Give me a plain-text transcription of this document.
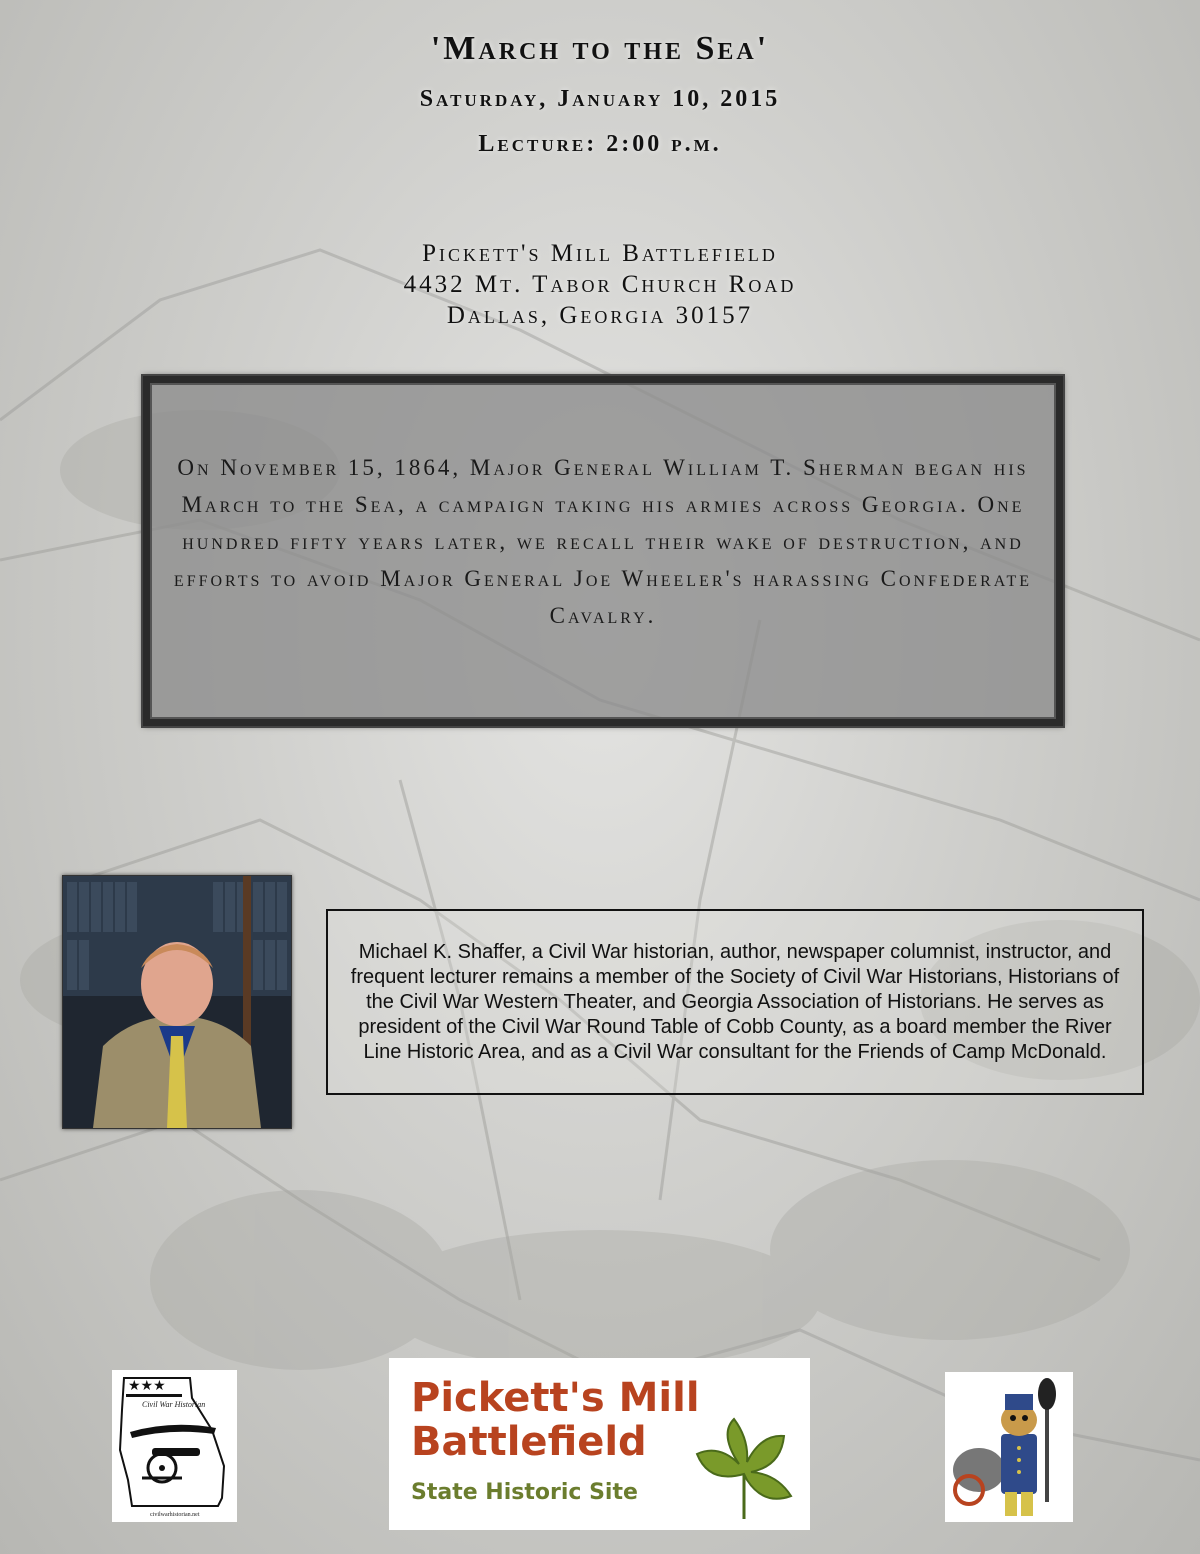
'March to the Sea'
Saturday, January 10, 2015
Lecture: 2:00 p.m.
Pickett's Mill Battlefield
4432 Mt. Tabor Church Road
Dallas, Georgia 30157
On November 15, 1864, Major General William T. Sherman began his March to the Sea, a campaign taking his armies across Georgia. One hundred fifty years later, we recall their wake of destruction, and efforts to avoid Major General Joe Wheeler's harassing Confederate Cavalry.
Michael K. Shaffer, a Civil War historian, author, newspaper columnist, instructor, and frequent lecturer remains a member of the Society of Civil War Historians, Historians of the Civil War Western Theater, and Georgia Association of Historians. He serves as president of the Civil War Round Table of Cobb County, as a board member the River Line Historic Area, and as a Civil War consultant for the Friends of Camp McDonald.
★★★
Civil War Historian
civilwarhistorian.net
Pickett's Mill
Battlefield
State Historic Site
